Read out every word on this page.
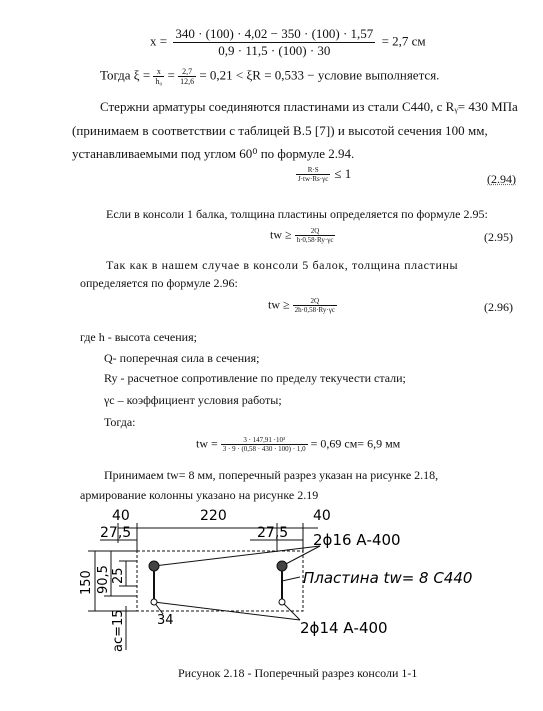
$x = \frac{340 \cdot (100) \cdot 4,02 - 350 \cdot (100) \cdot 1,57}{0,9 \cdot 11,5 \cdot (100) \cdot 30} = 2,7$ см
Тогда $\xi = \frac{x}{\text{h₀}} = \frac{2,7}{12,6} = 0,21 < \xi R = 0,533$ − условие выполняется.
Стержни арматуры соединяются пластинами из стали С440, с Rᵧ= 430 МПа
(принимаем в соответствии с таблицей В.5 [7]) и высотой сечения 100 мм,
устанавливаемыми под углом 60⁰ по формуле 2.94.
$\frac{R\cdot S}{J\cdot tw\cdot Rs\cdot\gamma c} \le 1$	(2.94)
Если в консоли 1 балка, толщина пластины определяется по формуле 2.95:
tw ≥ $\frac{2Q}{h\cdot 0,58\cdot Ry\cdot\gamma c}$	(2.95)
Так как в нашем случае в консоли 5 балок, толщина пластины
определяется по формуле 2.96:
tw ≥ $\frac{2Q}{2h\cdot 0,58\cdot Ry\cdot\gamma c}$	(2.96)
где h - высота сечения;
Q- поперечная сила в сечения;
Ry - расчетное сопротивление по пределу текучести стали;
γc – коэффициент условия работы;
Тогда:
tw = $\frac{\text{3 · 147,91 ·10³}}{3 \cdot 9 \cdot (0,58 \cdot 430 \cdot 100) \cdot 1,0} = 0,69$ см= 6,9 мм
Принимаем tw= 8 мм, поперечный разрез указан на рисунке 2.18,
армирование колонны указано на рисунке 2.19
40	220	40
27,5	27,5 2ϕ16 А-400
Пластина tw= 8 С440
34	2ϕ14 А-400
150 90,5 25
ac=15
Рисунок 2.18 - Поперечный разрез консоли 1-1
